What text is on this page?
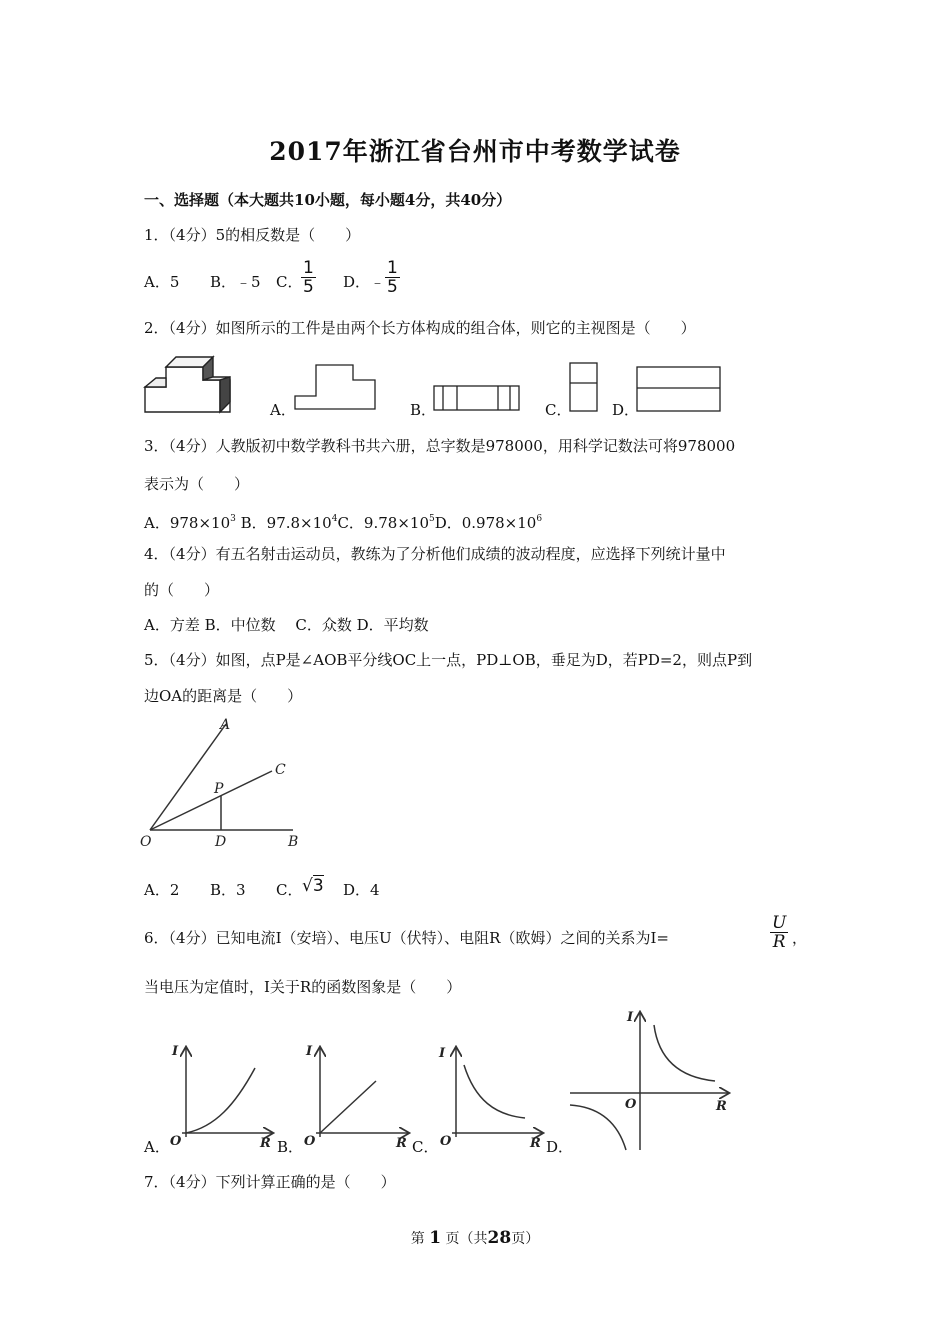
2017年浙江省台州市中考数学试卷
一、选择题（本大题共10小题，每小题4分，共40分）
1．（4分）5的相反数是（　　）
A．5 B．﹣5 C．
$\frac{1}{5}$ D．﹣ $\frac{1}{5}$
2．（4分）如图所示的工件是由两个长方体构成的组合体，则它的主视图是（　　）
A．	B．	C．	D．
3．（4分）人教版初中数学教科书共六册，总字数是978000，用科学记数法可将978000
表示为（　　）
A．$978\times 10^3$ B．$97.8\times 10^4C$．$9.78\times 10^5D$．$0.978\times 10^6$
4．（4分）有五名射击运动员，教练为了分析他们成绩的波动程度，应选择下列统计量中
的（　　）
A．方差 B．中位数　 C．众数 D．平均数
5．（4分）如图，点P是∠AOB平分线OC上一点，PD⊥OB，垂足为D，若PD=2，则点P到
边OA的距离是（　　）
A
C
P
O	D	B
A．2 B．3 C． √3 D．4
6．（4分）已知电流I（安培）、电压U（伏特）、电阻R（欧姆）之间的关系为I=	$\frac{U}{R}$ ，
当电压为定值时，I关于R的函数图象是（　　）
I
O	R
I
O	R
I
O	R
I
O	R
A．	B．	C．	D．
7．（4分）下列计算正确的是（　　）
第 1 页（共28页）
